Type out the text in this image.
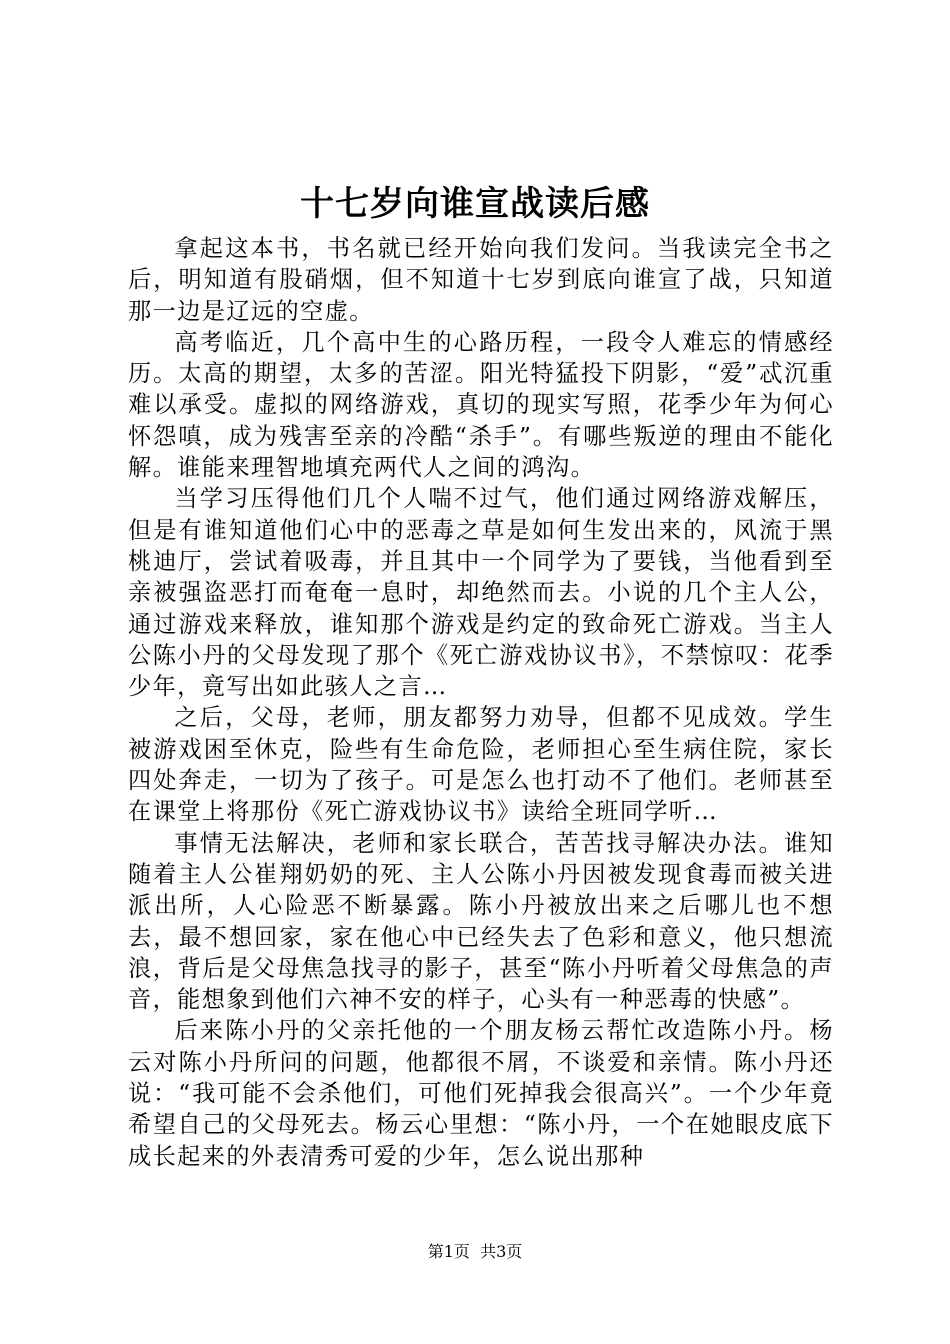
十七岁向谁宣战读后感

拿起这本书，书名就已经开始向我们发问。当我读完全书之后，明知道有股硝烟，但不知道十七岁到底向谁宣了战，只知道那一边是辽远的空虚。

高考临近，几个高中生的心路历程，一段令人难忘的情感经历。太高的期望，太多的苦涩。阳光特猛投下阴影，“爱”忒沉重难以承受。虚拟的网络游戏，真切的现实写照，花季少年为何心怀怨嗔，成为残害至亲的冷酷“杀手”。有哪些叛逆的理由不能化解。谁能来理智地填充两代人之间的鸿沟。

当学习压得他们几个人喘不过气，他们通过网络游戏解压，但是有谁知道他们心中的恶毒之草是如何生发出来的，风流于黑桃迪厅，尝试着吸毒，并且其中一个同学为了要钱，当他看到至亲被强盗恶打而奄奄一息时，却绝然而去。小说的几个主人公，通过游戏来释放，谁知那个游戏是约定的致命死亡游戏。当主人公陈小丹的父母发现了那个《死亡游戏协议书》，不禁惊叹：花季少年，竟写出如此骇人之言…

之后，父母，老师，朋友都努力劝导，但都不见成效。学生被游戏困至休克，险些有生命危险，老师担心至生病住院，家长四处奔走，一切为了孩子。可是怎么也打动不了他们。老师甚至在课堂上将那份《死亡游戏协议书》读给全班同学听…

事情无法解决，老师和家长联合，苦苦找寻解决办法。谁知随着主人公崔翔奶奶的死、主人公陈小丹因被发现食毒而被关进派出所，人心险恶不断暴露。陈小丹被放出来之后哪儿也不想去，最不想回家，家在他心中已经失去了色彩和意义，他只想流浪，背后是父母焦急找寻的影子，甚至“陈小丹听着父母焦急的声音，能想象到他们六神不安的样子，心头有一种恶毒的快感”。

后来陈小丹的父亲托他的一个朋友杨云帮忙改造陈小丹。杨云对陈小丹所问的问题，他都很不屑，不谈爱和亲情。陈小丹还说：“我可能不会杀他们，可他们死掉我会很高兴”。一个少年竟希望自己的父母死去。杨云心里想：“陈小丹，一个在她眼皮底下成长起来的外表清秀可爱的少年，怎么说出那种

第1页 共3页
